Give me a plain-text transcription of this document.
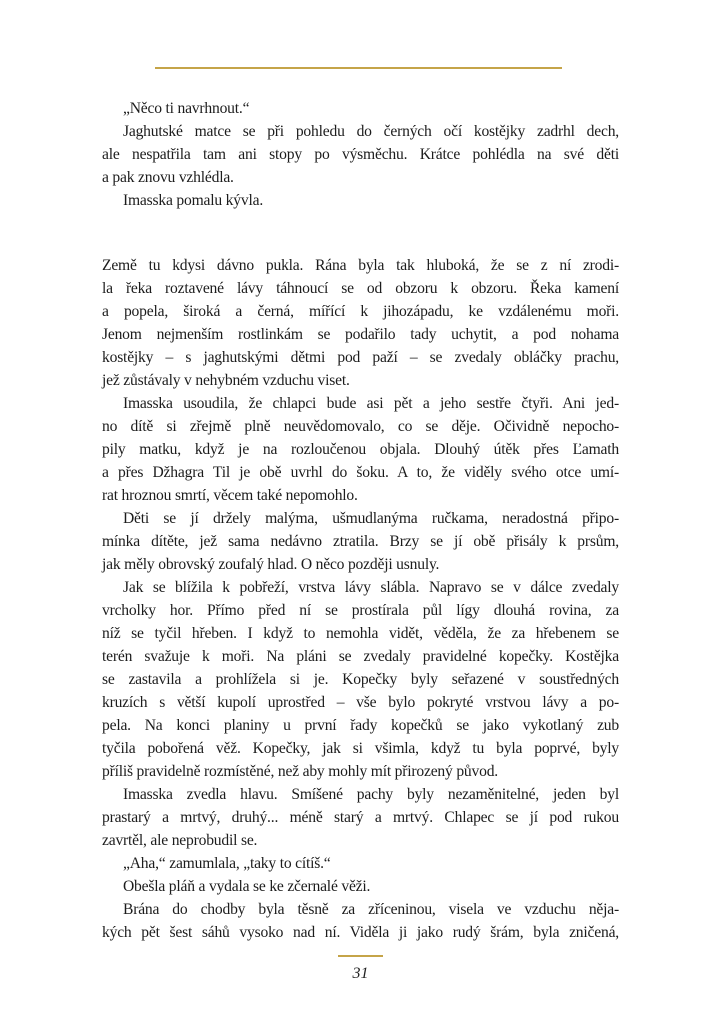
„Něco ti navrhnout.“
Jaghutské matce se při pohledu do černých očí kostějky zadrhl dech,
ale nespatřila tam ani stopy po výsměchu. Krátce pohlédla na své děti
a pak znovu vzhlédla.
Imasska pomalu kývla.
Země tu kdysi dávno pukla. Rána byla tak hluboká, že se z ní zrodi-
la řeka roztavené lávy táhnoucí se od obzoru k obzoru. Řeka kamení
a popela, široká a černá, mířící k jihozápadu, ke vzdálenému moři.
Jenom nejmenším rostlinkám se podařilo tady uchytit, a pod nohama
kostějky – s jaghutskými dětmi pod paží – se zvedaly obláčky prachu,
jež zůstávaly v nehybném vzduchu viset.
Imasska usoudila, že chlapci bude asi pět a jeho sestře čtyři. Ani jed-
no dítě si zřejmě plně neuvědomovalo, co se děje. Očividně nepocho-
pily matku, když je na rozloučenou objala. Dlouhý útěk přes Ľamath
a přes Džhagra Til je obě uvrhl do šoku. A to, že viděly svého otce umí-
rat hroznou smrtí, věcem také nepomohlo.
Děti se jí držely malýma, ušmudlanýma ručkama, neradostná připo-
mínka dítěte, jež sama nedávno ztratila. Brzy se jí obě přisály k prsům,
jak měly obrovský zoufalý hlad. O něco později usnuly.
Jak se blížila k pobřeží, vrstva lávy slábla. Napravo se v dálce zvedaly
vrcholky hor. Přímo před ní se prostírala půl lígy dlouhá rovina, za
níž se tyčil hřeben. I když to nemohla vidět, věděla, že za hřebenem se
terén svažuje k moři. Na pláni se zvedaly pravidelné kopečky. Kostějka
se zastavila a prohlížela si je. Kopečky byly seřazené v soustředných
kruzích s větší kupolí uprostřed – vše bylo pokryté vrstvou lávy a po-
pela. Na konci planiny u první řady kopečků se jako vykotlaný zub
tyčila pobořená věž. Kopečky, jak si všimla, když tu byla poprvé, byly
příliš pravidelně rozmístěné, než aby mohly mít přirozený původ.
Imasska zvedla hlavu. Smíšené pachy byly nezaměnitelné, jeden byl
prastarý a mrtvý, druhý... méně starý a mrtvý. Chlapec se jí pod rukou
zavrtěl, ale neprobudil se.
„Aha,“ zamumlala, „taky to cítíš.“
Obešla pláň a vydala se ke zčernalé věži.
Brána do chodby byla těsně za zříceninou, visela ve vzduchu něja-
kých pět šest sáhů vysoko nad ní. Viděla ji jako rudý šrám, byla zničená,
31
